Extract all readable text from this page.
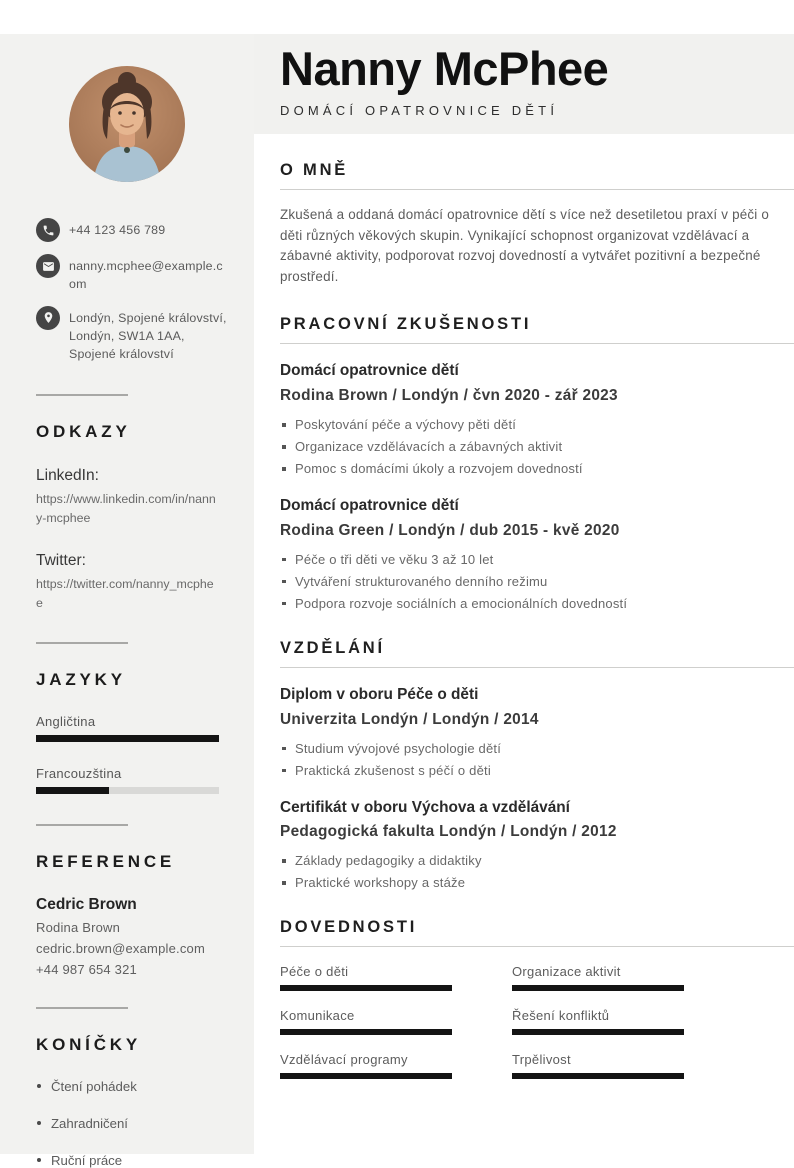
+44 123 456 789
nanny.mcphee@example.com
Londýn, Spojené království, Londýn, SW1A 1AA, Spojené království
ODKAZY
LinkedIn:
https://www.linkedin.com/in/nanny-mcphee
Twitter:
https://twitter.com/nanny_mcphee
JAZYKY
Angličtina
Francouzština
REFERENCE
Cedric Brown
Rodina Brown
cedric.brown@example.com
+44 987 654 321
KONÍČKY
Čtení pohádek
Zahradničení
Ruční práce
Nanny McPhee
DOMÁCÍ OPATROVNICE DĚTÍ
O MNĚ

Zkušená a oddaná domácí opatrovnice dětí s více než desetiletou praxí v péči o děti různých věkových skupin. Vynikající schopnost organizovat vzdělávací a zábavné aktivity, podporovat rozvoj dovedností a vytvářet pozitivní a bezpečné prostředí.

PRACOVNÍ ZKUŠENOSTI
Domácí opatrovnice dětí
Rodina Brown / Londýn / čvn 2020 - zář 2023
Poskytování péče a výchovy pěti dětí
Organizace vzdělávacích a zábavných aktivit
Pomoc s domácími úkoly a rozvojem dovedností
Domácí opatrovnice dětí
Rodina Green / Londýn / dub 2015 - kvě 2020
Péče o tři děti ve věku 3 až 10 let
Vytváření strukturovaného denního režimu
Podpora rozvoje sociálních a emocionálních dovedností
VZDĚLÁNÍ
Diplom v oboru Péče o děti
Univerzita Londýn / Londýn / 2014
Studium vývojové psychologie dětí
Praktická zkušenost s péčí o děti
Certifikát v oboru Výchova a vzdělávání
Pedagogická fakulta Londýn / Londýn / 2012
Základy pedagogiky a didaktiky
Praktické workshopy a stáže
DOVEDNOSTI
Péče o děti	Organizace aktivit
Komunikace	Řešení konfliktů
Vzdělávací programy	Trpělivost
